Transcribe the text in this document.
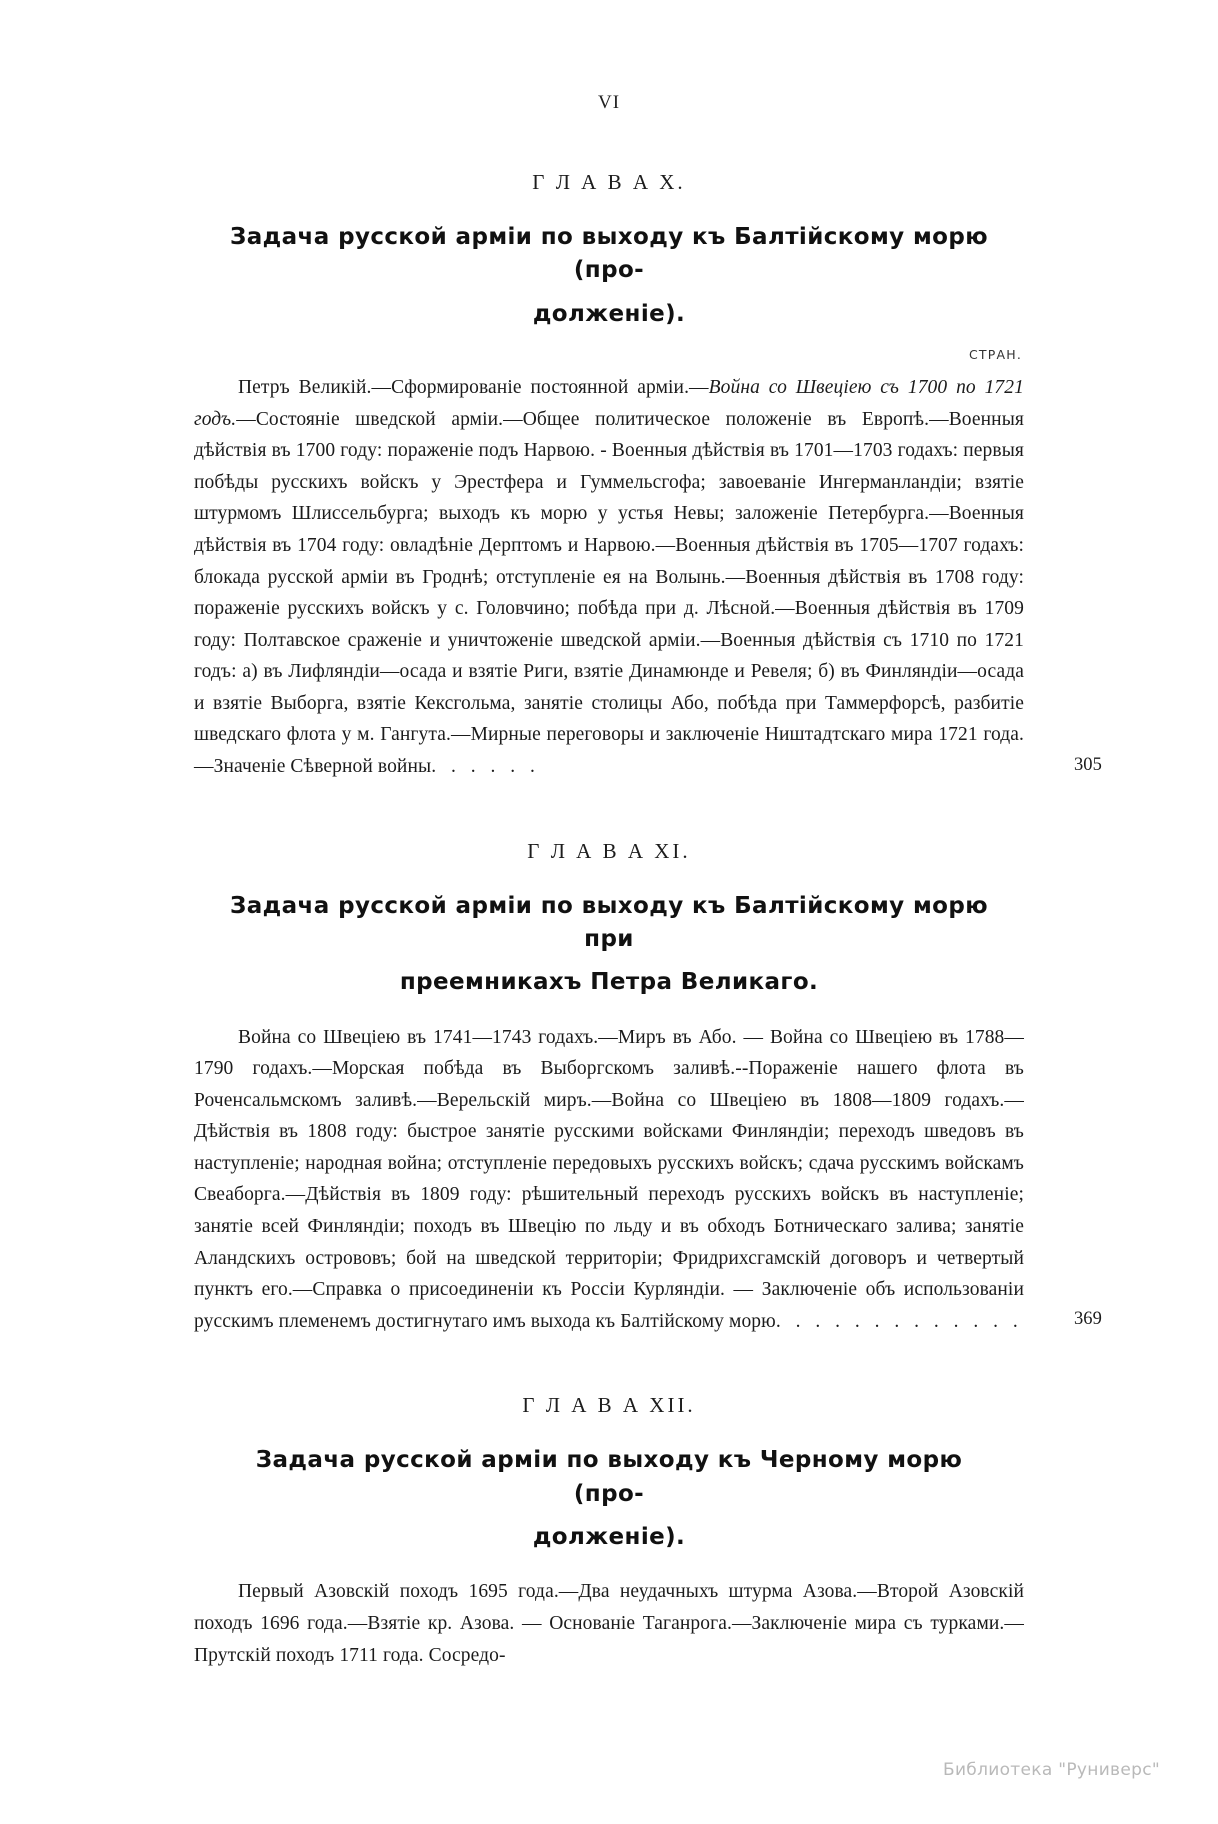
VI
Г Л А В А X.
Задача русской арміи по выходу къ Балтійскому морю (про-
долженіе).
СТРАН.
Петръ Великій.—Сформированіе постоянной арміи.—Война со Швеціею съ 1700 по 1721 годъ.—Состояніе шведской арміи.—Общее политическое положеніе въ Европѣ.—Военныя дѣйствія въ 1700 году: пораженіе подъ Нарвою. - Военныя дѣйствія въ 1701—1703 годахъ: первыя побѣды русскихъ войскъ у Эрестфера и Гуммельсгофа; завоеваніе Ингерманландіи; взятіе штурмомъ Шлиссельбурга; выходъ къ морю у устья Невы; заложеніе Петербурга.—Военныя дѣйствія въ 1704 году: овладѣніе Дерптомъ и Нарвою.—Военныя дѣйствія въ 1705—1707 годахъ: блокада русской арміи въ Гроднѣ; отступленіе ея на Волынь.—Военныя дѣйствія въ 1708 году: пораженіе русскихъ войскъ у с. Головчино; побѣда при д. Лѣсной.—Военныя дѣйствія въ 1709 году: Полтавское сраженіе и уничтоженіе шведской арміи.—Военныя дѣйствія съ 1710 по 1721 годъ: а) въ Лифляндіи—осада и взятіе Риги, взятіе Динамюнде и Ревеля; б) въ Финляндіи—осада и взятіе Выборга, взятіе Кексгольма, занятіе столицы Або, побѣда при Таммерфорсѣ, разбитіе шведскаго флота у м. Гангута.—Мирные переговоры и заключеніе Ништадтскаго мира 1721 года.—Значеніе Сѣверной войны. . . . . .	305
Г Л А В А XI.
Задача русской арміи по выходу къ Балтійскому морю при
преемникахъ Петра Великаго.
Война со Швеціею въ 1741—1743 годахъ.—Миръ въ Або. — Война со Швеціею въ 1788—1790 годахъ.—Морская побѣда въ Выборгскомъ заливѣ.--Пораженіе нашего флота въ Роченсальмскомъ заливѣ.—Верельскій миръ.—Война со Швеціею въ 1808—1809 годахъ.—Дѣйствія въ 1808 году: быстрое занятіе русскими войсками Финляндіи; переходъ шведовъ въ наступленіе; народная война; отступленіе передовыхъ русскихъ войскъ; сдача русскимъ войскамъ Свеаборга.—Дѣйствія въ 1809 году: рѣшительный переходъ русскихъ войскъ въ наступленіе; занятіе всей Финляндіи; походъ въ Швецію по льду и въ обходъ Ботническаго залива; занятіе Аландскихъ острововъ; бой на шведской территоріи; Фридрихсгамскій договоръ и четвертый пунктъ его.—Справка о присоединеніи къ Россіи Курляндіи. — Заключеніе объ использованіи русскимъ племенемъ достигнутаго имъ выхода къ Балтійскому морю. . . . . . . . . . . . .	369
Г Л А В А XII.
Задача русской арміи по выходу къ Черному морю (про-
долженіе).
Первый Азовскій походъ 1695 года.—Два неудачныхъ штурма Азова.—Второй Азовскій походъ 1696 года.—Взятіе кр. Азова. — Основаніе Таганрога.—Заключеніе мира съ турками.—Прутскій походъ 1711 года. Сосредо-
Библиотека "Руниверс"
